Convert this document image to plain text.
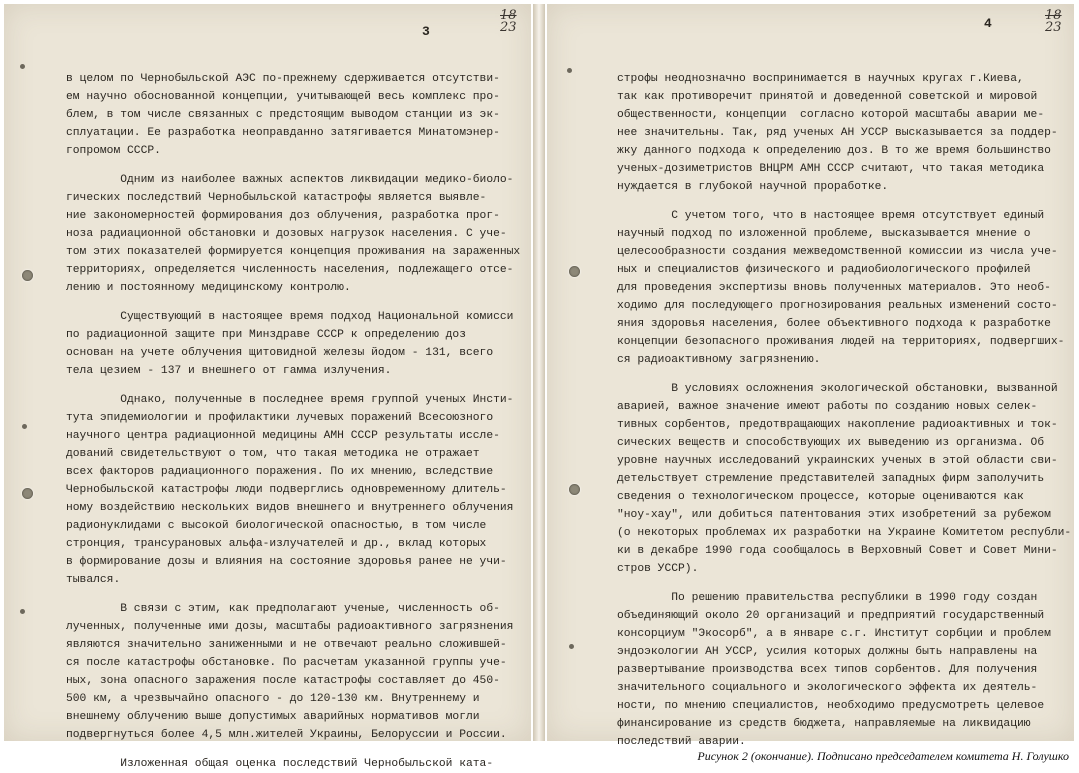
3
18
23

в целом по Чернобыльской АЭС по-прежнему сдерживается отсутстви-
ем научно обоснованной концепции, учитывающей весь комплекс про-
блем, в том числе связанных с предстоящим выводом станции из эк-
сплуатации. Ее разработка неоправданно затягивается Минатомэнер-
гопромом СССР.

Одним из наиболее важных аспектов ликвидации медико-биоло-
гических последствий Чернобыльской катастрофы является выявле-
ние закономерностей формирования доз облучения, разработка прог-
ноза радиационной обстановки и дозовых нагрузок населения. С уче-
том этих показателей формируется концепция проживания на зараженных
территориях, определяется численность населения, подлежащего отсе-
лению и постоянному медицинскому контролю.

Существующий в настоящее время подход Национальной комисси
по радиационной защите при Минздраве СССР к определению доз
основан на учете облучения щитовидной железы йодом - 131, всего
тела цезием - 137 и внешнего от гамма излучения.

Однако, полученные в последнее время группой ученых Инсти-
тута эпидемиологии и профилактики лучевых поражений Всесоюзного
научного центра радиационной медицины АМН СССР результаты иссле-
дований свидетельствуют о том, что такая методика не отражает
всех факторов радиационного поражения. По их мнению, вследствие
Чернобыльской катастрофы люди подверглись одновременному длитель-
ному воздействию нескольких видов внешнего и внутреннего облучения
радионуклидами с высокой биологической опасностью, в том числе
стронция, трансурановых альфа-излучателей и др., вклад которых
в формирование дозы и влияния на состояние здоровья ранее не учи-
тывался.

В связи с этим, как предполагают ученые, численность об-
лученных, полученные ими дозы, масштабы радиоактивного загрязнения
являются значительно заниженными и не отвечают реально сложившей-
ся после катастрофы обстановке. По расчетам указанной группы уче-
ных, зона опасного заражения после катастрофы составляет до 450-
500 км, а чрезвычайно опасного - до 120-130 км. Внутреннему и
внешнему облучению выше допустимых аварийных нормативов могли
подвергнуться более 4,5 млн.жителей Украины, Белоруссии и России.

Изложенная общая оценка последствий Чернобыльской ката-

4
18
23

строфы неоднозначно воспринимается в научных кругах г.Киева,
так как противоречит принятой и доведенной советской и мировой
общественности, концепции  согласно которой масштабы аварии ме-
нее значительны. Так, ряд ученых АН УССР высказывается за поддер-
жку данного подхода к определению доз. В то же время большинство
ученых-дозиметристов ВНЦРМ АМН СССР считают, что такая методика
нуждается в глубокой научной проработке.

С учетом того, что в настоящее время отсутствует единый
научный подход по изложенной проблеме, высказывается мнение о
целесообразности создания межведомственной комиссии из числа уче-
ных и специалистов физического и радиобиологического профилей
для проведения экспертизы вновь полученных материалов. Это необ-
ходимо для последующего прогнозирования реальных изменений состо-
яния здоровья населения, более объективного подхода к разработке
концепции безопасного проживания людей на территориях, подвергших-
ся радиоактивному загрязнению.

В условиях осложнения экологической обстановки, вызванной
аварией, важное значение имеют работы по созданию новых селек-
тивных сорбентов, предотвращающих накопление радиоактивных и ток-
сических веществ и способствующих их выведению из организма. Об
уровне научных исследований украинских ученых в этой области сви-
детельствует стремление представителей западных фирм заполучить
сведения о технологическом процессе, которые оцениваются как
"ноу-хау", или добиться патентования этих изобретений за рубежом
(о некоторых проблемах их разработки на Украине Комитетом республи-
ки в декабре 1990 года сообщалось в Верховный Совет и Совет Мини-
стров УССР).

По решению правительства республики в 1990 году создан
объединяющий около 20 организаций и предприятий государственный
консорциум "Экосорб", а в январе с.г. Институт сорбции и проблем
эндоэкологии АН УССР, усилия которых должны быть направлены на
развертывание производства всех типов сорбентов. Для получения
значительного социального и экологического эффекта их деятель-
ности, по мнению специалистов, необходимо предусмотреть целевое
финансирование из средств бюджета, направляемые на ликвидацию
последствий аварии.

Рисунок 2 (окончание). Подписано председателем комитета Н. Голушко
